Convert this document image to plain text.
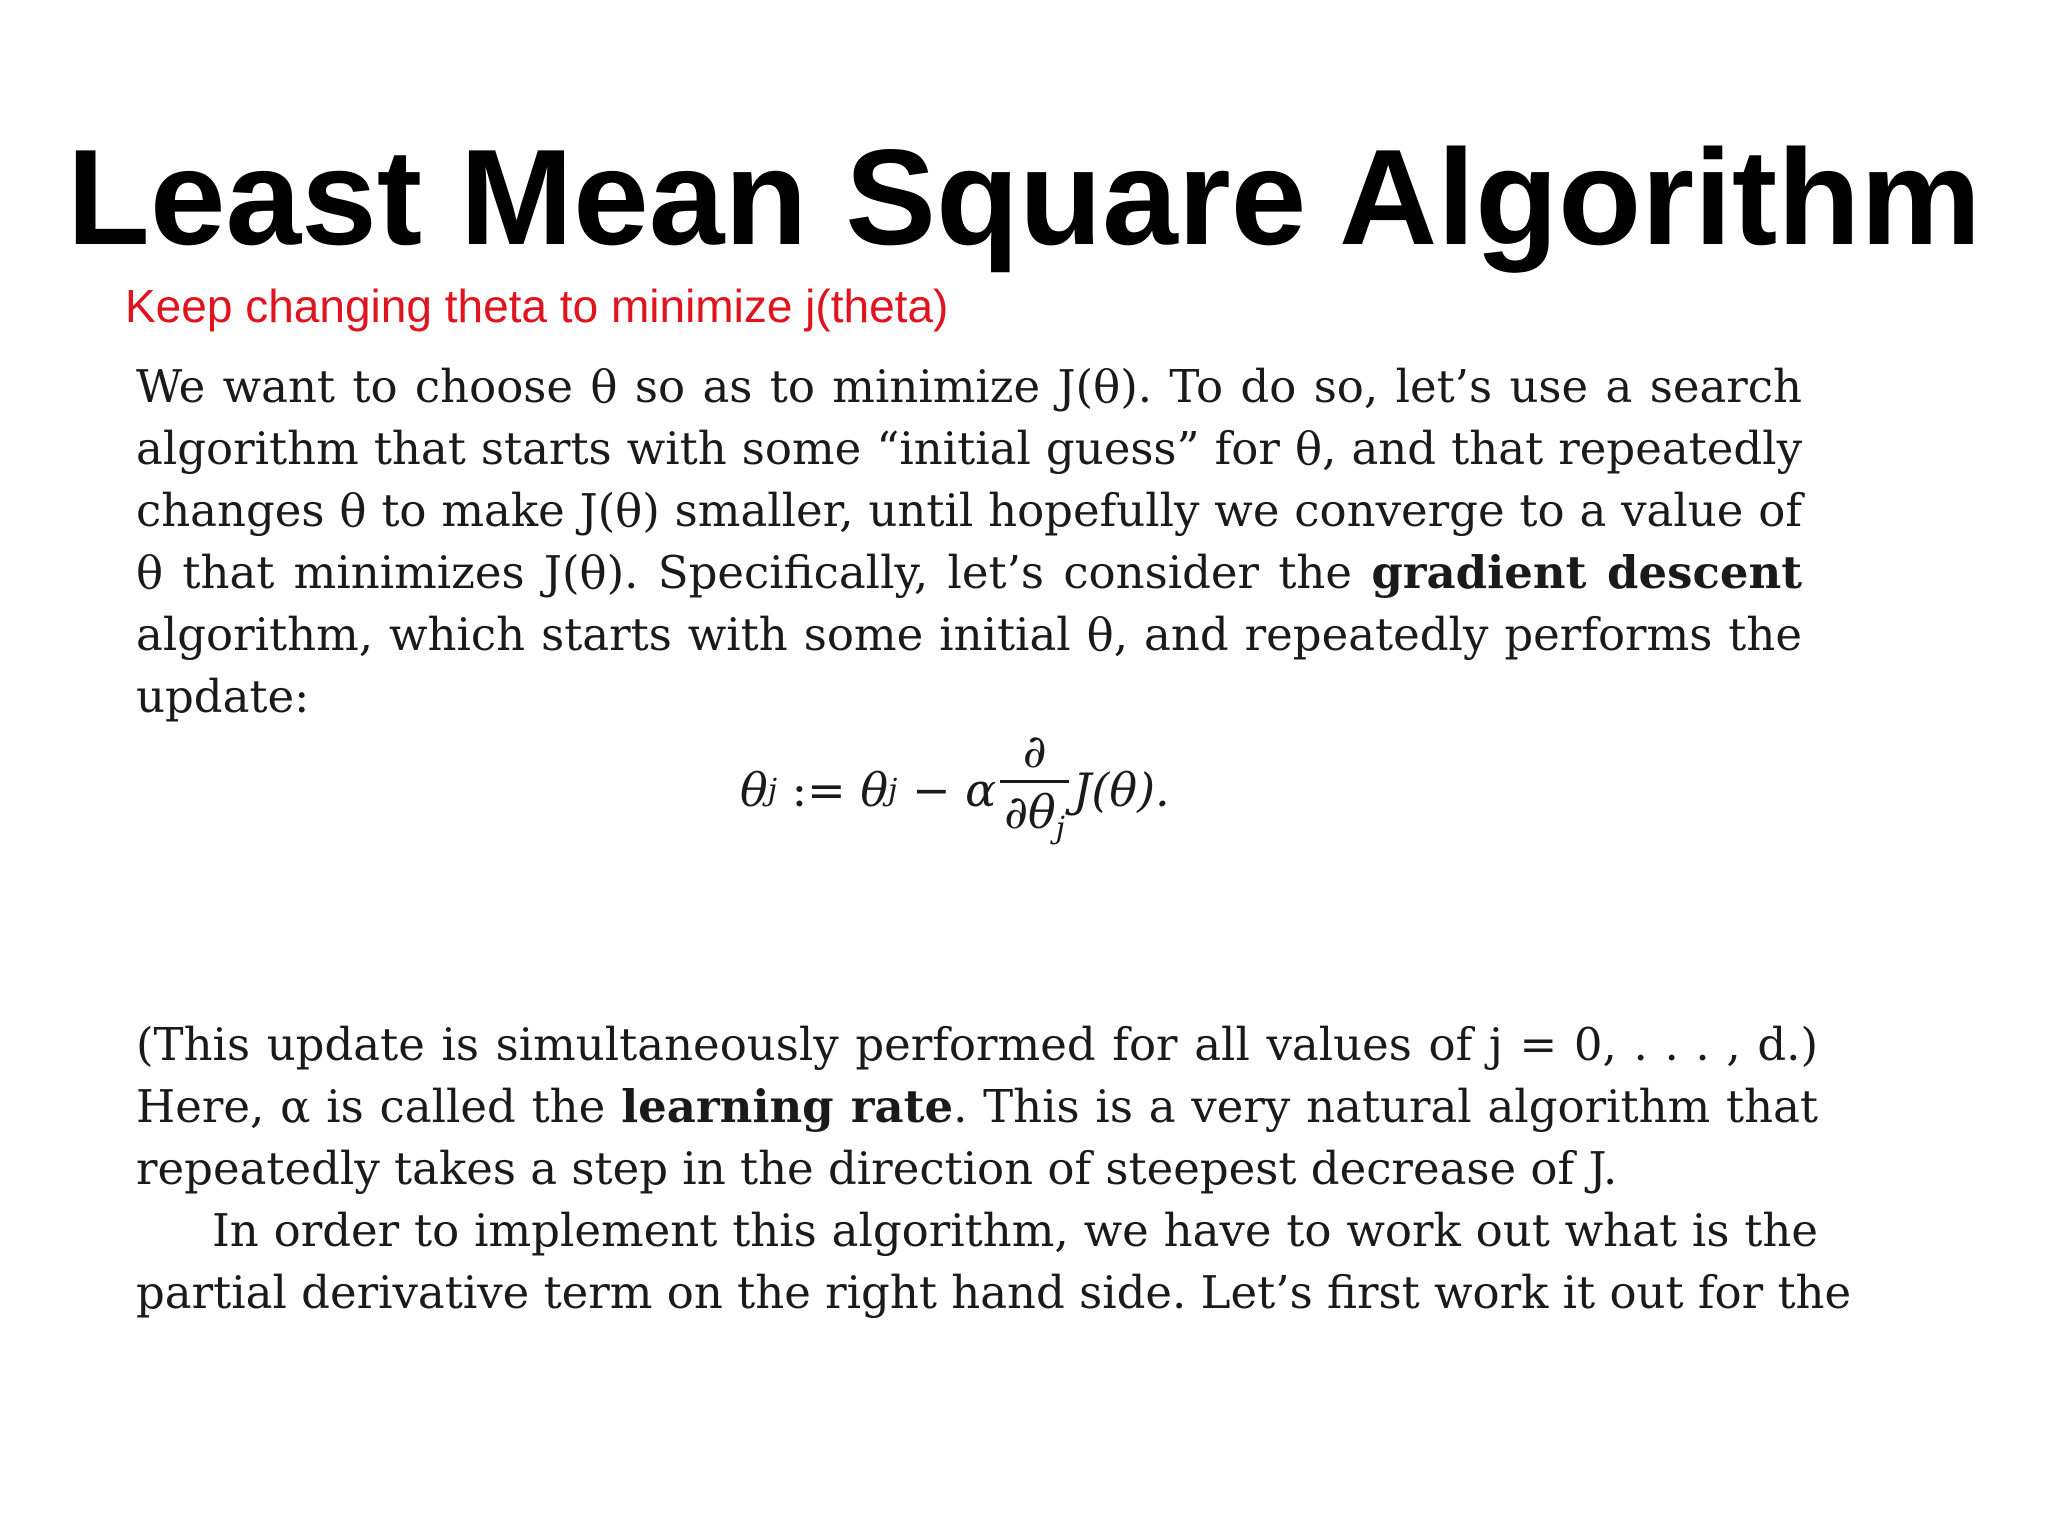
Least Mean Square Algorithm
Keep changing theta to minimize j(theta)
We want to choose θ so as to minimize J(θ). To do so, let’s use a search
algorithm that starts with some “initial guess” for θ, and that repeatedly
changes θ to make J(θ) smaller, until hopefully we converge to a value of
θ that minimizes J(θ). Specifically, let’s consider the gradient descent
algorithm, which starts with some initial θ, and repeatedly performs the
update:
θ j := θ j − α $\frac{\partial}{\partial\theta_j} J(\theta)$.
(This update is simultaneously performed for all values of j = 0, . . . , d.)
Here, α is called the learning rate. This is a very natural algorithm that
repeatedly takes a step in the direction of steepest decrease of J.
In order to implement this algorithm, we have to work out what is the
partial derivative term on the right hand side. Let’s first work it out for the
